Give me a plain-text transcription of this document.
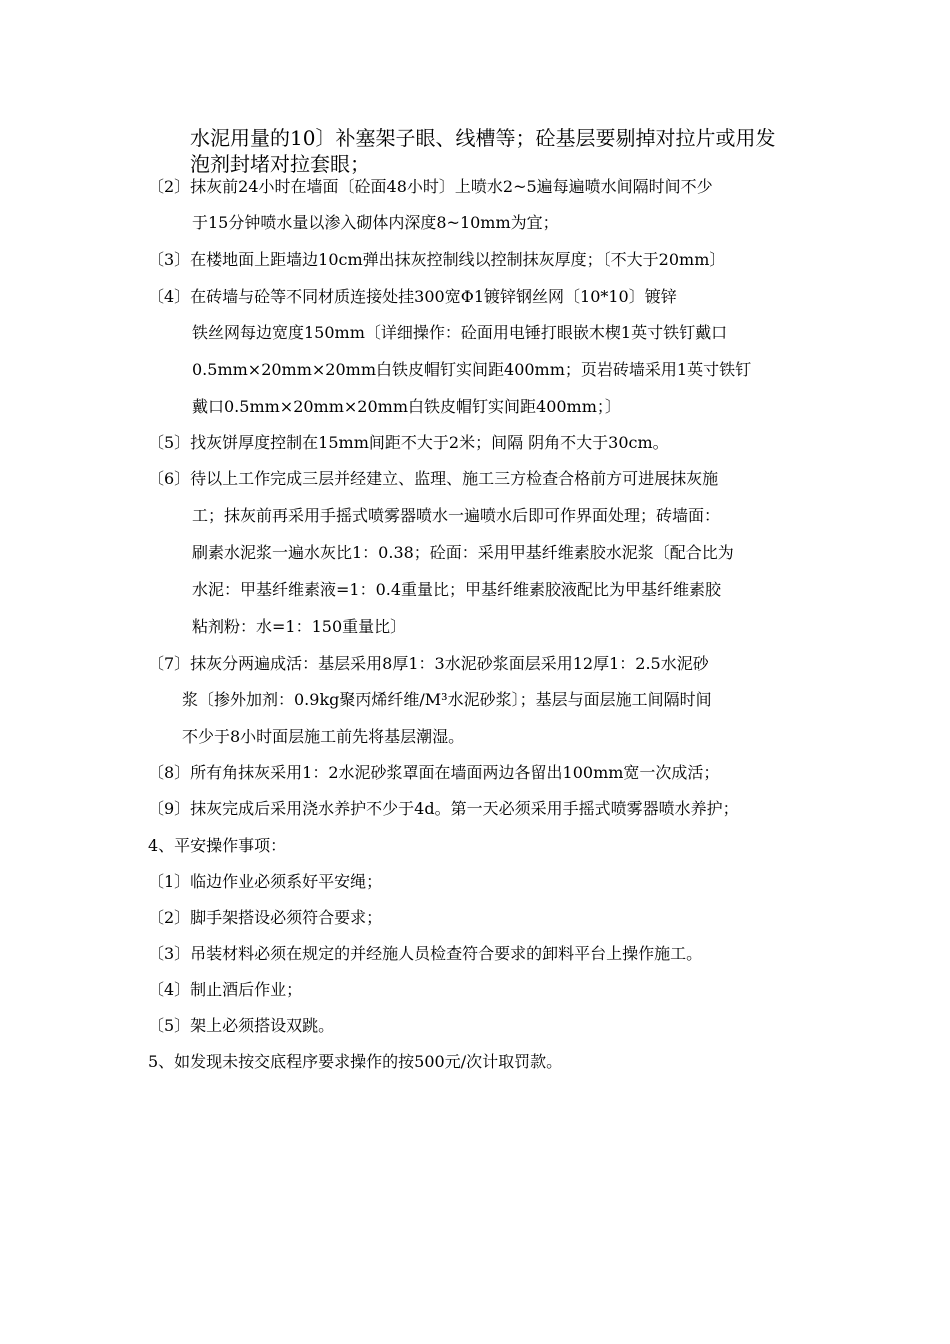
水泥用量的10〕补塞架子眼、线槽等；砼基层要剔掉对拉片或用发
泡剂封堵对拉套眼；
〔2〕抹灰前24小时在墙面〔砼面48小时〕上喷水2~5遍每遍喷水间隔时间不少
于15分钟喷水量以渗入砌体内深度8~10mm为宜；
〔3〕在楼地面上距墙边10cm弹出抹灰控制线以控制抹灰厚度；〔不大于20mm〕
〔4〕在砖墙与砼等不同材质连接处挂300宽Φ1镀锌钢丝网〔10*10〕镀锌
铁丝网每边宽度150mm〔详细操作：砼面用电锤打眼嵌木楔1英寸铁钉戴口
0.5mm×20mm×20mm白铁皮帽钉实间距400mm；页岩砖墙采用1英寸铁钉
戴口0.5mm×20mm×20mm白铁皮帽钉实间距400mm；〕
〔5〕找灰饼厚度控制在15mm间距不大于2米；间隔 阴角不大于30cm。
〔6〕待以上工作完成三层并经建立、监理、施工三方检查合格前方可进展抹灰施
工；抹灰前再采用手摇式喷雾器喷水一遍喷水后即可作界面处理；砖墙面：
刷素水泥浆一遍水灰比1：0.38；砼面：采用甲基纤维素胶水泥浆〔配合比为
水泥：甲基纤维素液=1：0.4重量比；甲基纤维素胶液配比为甲基纤维素胶
粘剂粉：水=1：150重量比〕
〔7〕抹灰分两遍成活：基层采用8厚1：3水泥砂浆面层采用12厚1：2.5水泥砂
浆〔掺外加剂：0.9kg聚丙烯纤维/M³水泥砂浆〕；基层与面层施工间隔时间
不少于8小时面层施工前先将基层潮湿。
〔8〕所有角抹灰采用1：2水泥砂浆罩面在墙面两边各留出100mm宽一次成活；
〔9〕抹灰完成后采用浇水养护不少于4d。第一天必须采用手摇式喷雾器喷水养护；
4、平安操作事项：
〔1〕临边作业必须系好平安绳；
〔2〕脚手架搭设必须符合要求；
〔3〕吊装材料必须在规定的并经施人员检查符合要求的卸料平台上操作施工。
〔4〕制止酒后作业；
〔5〕架上必须搭设双跳。
5、如发现未按交底程序要求操作的按500元/次计取罚款。
